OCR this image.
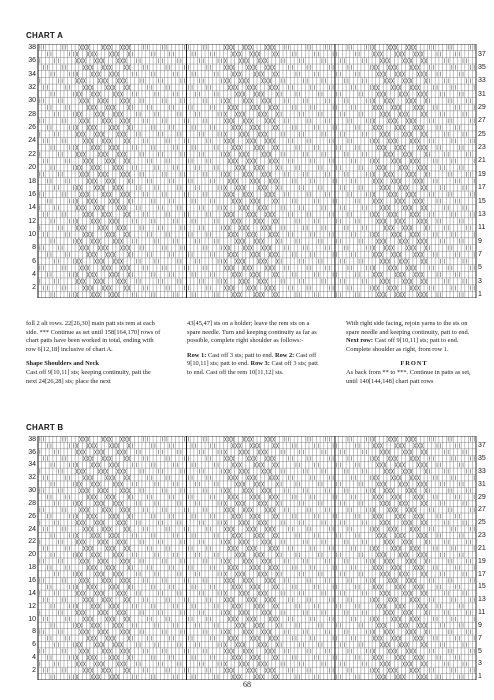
CHART A
38
36
34
32
30
28
26
24
22
20
18
16
14
12
10
8
6
4
2
37
35
33
31
29
27
25
23
21
19
17
15
13
11
9
7
5
3
1

foll 2 alt rows. 22[26,30] main patt sts rem at each side. *** Continue as set until 158[164,170] rows of chart patts have been worked in total, ending with row 6[12,18] inclusive of chart A.

Shape Shoulders and Neck
Cast off 9[10,11] sts; keeping continuity, patt the next 24[26,28] sts; place the next

43[45,47] sts on a holder; leave the rem sts on a spare needle. Turn and keeping continuity as far as possible, complete right shoulder as follows:-

Row 1: Cast off 3 sts; patt to end. Row 2: Cast off 9[10,11] sts; patt to end. Row 3: Cast off 3 sts; patt to end. Cast off the rem 10[11,12] sts.

With right side facing, rejoin yarns to the sts on spare needle and keeping continuity, patt to end. Next row: Cast off 9[10,11] sts; patt to end. Complete shoulder as right, from row 1.

FRONT
As back from ** to ***. Continue in patts as set, until 140[144,148] chart patt rows

CHART B
38
36
34
32
30
28
26
24
22
20
18
16
14
12
10
8
6
4
2
37
35
33
31
29
27
25
23
21
19
17
15
13
11
9
7
5
3
1
68
